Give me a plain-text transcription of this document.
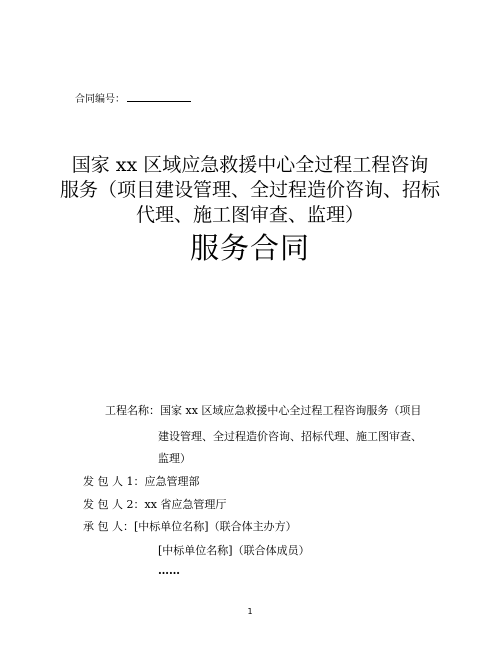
合同编号：
国家 xx 区域应急救援中心全过程工程咨询
服务（项目建设管理、全过程造价咨询、招标
代理、施工图审查、监理）
服务合同
工程名称：国家 xx 区域应急救援中心全过程工程咨询服务（项目
建设管理、全过程造价咨询、招标代理、施工图审查、
监理）
发 包 人 1：应急管理部
发 包 人 2：xx 省应急管理厅
承 包 人：[中标单位名称]（联合体主办方）
[中标单位名称]（联合体成员）
……
1
